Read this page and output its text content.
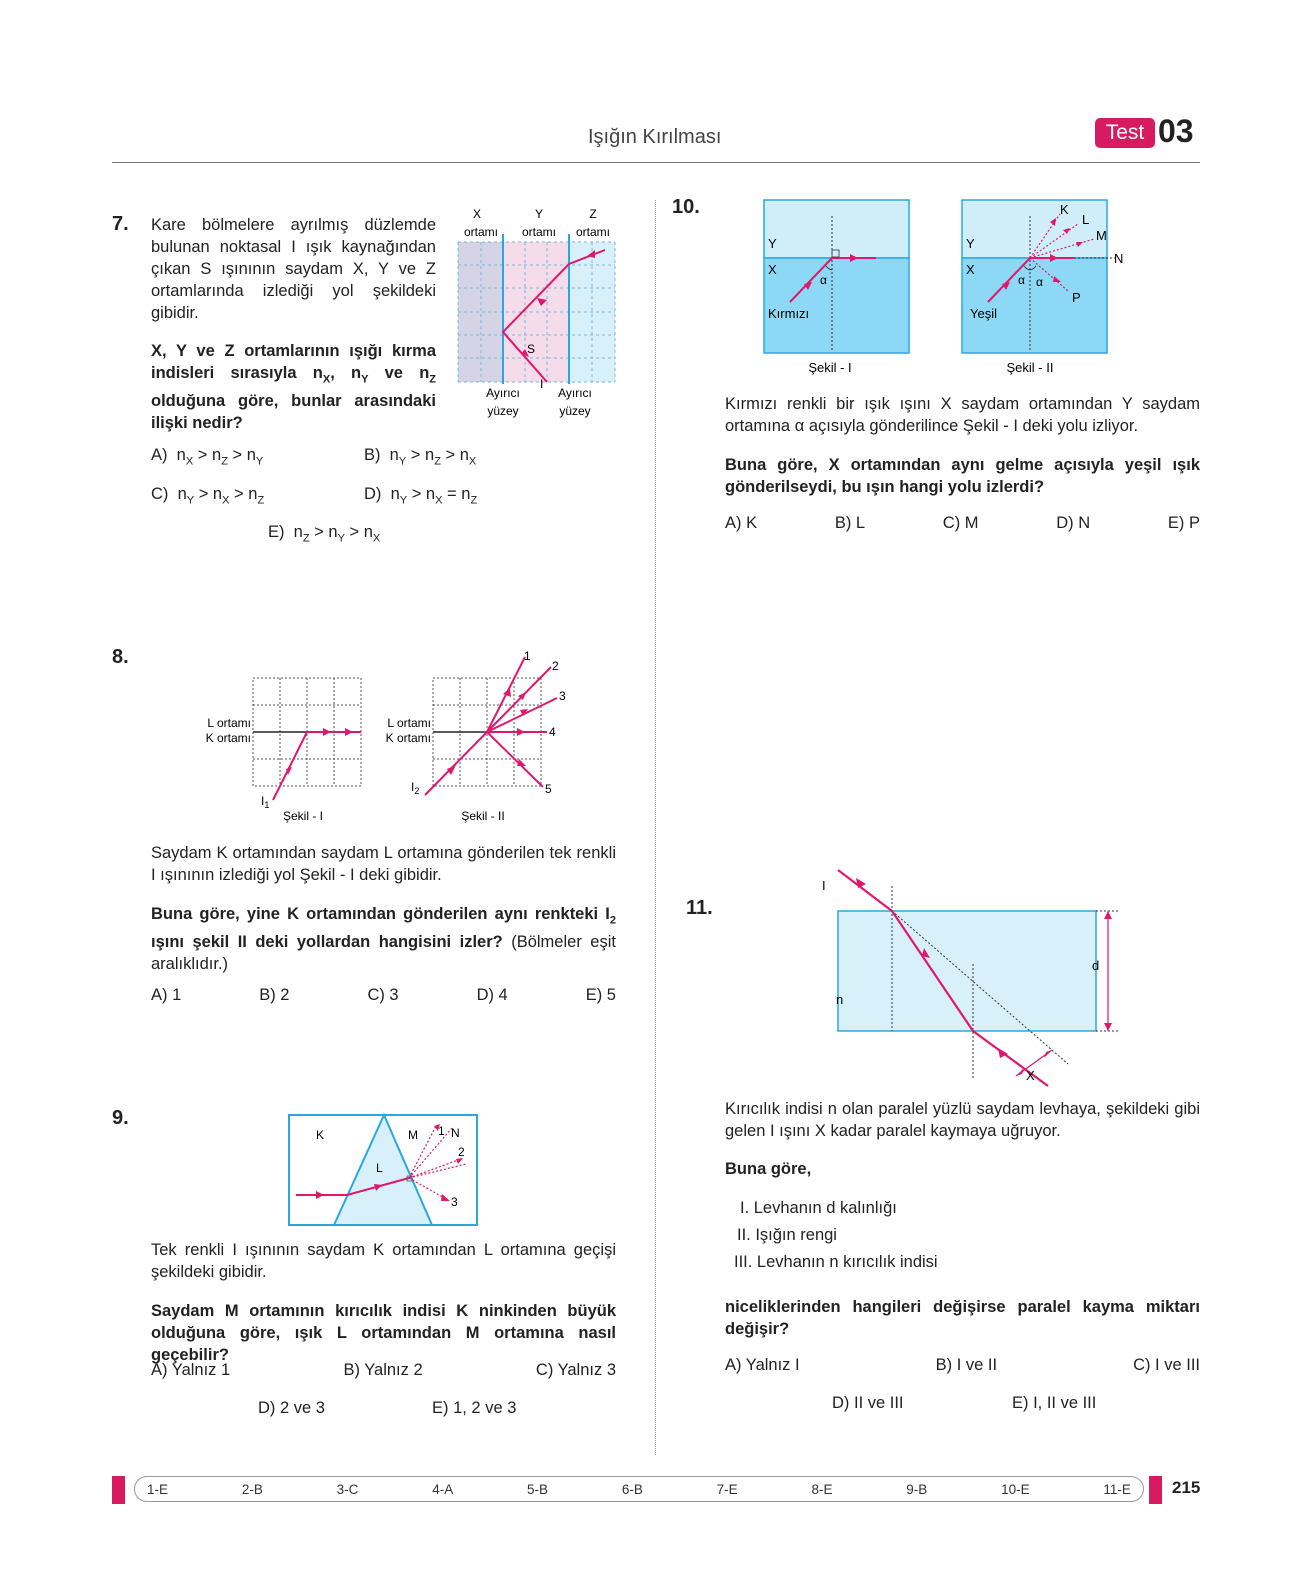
Işığın Kırılması	Test 03
7. Kare bölmelere ayrılmış düzlemde bulunan noktasal I ışık kaynağından çıkan S ışınının saydam X, Y ve Z ortamlarında izlediği yol şekildeki gibidir.
X, Y ve Z ortamlarının ışığı kırma indisleri sırasıyla $n_X$, $n_Y$ ve $n_Z$ olduğuna göre, bunlar arasındaki ilişki nedir?
X
ortamı
Y
ortamı
Z
ortamı
S
I
Ayırıcı
yüzey
Ayırıcı
yüzey
A) $n_X > n_Z > n_Y$	B) $n_Y > n_Z > n_X$
C) $n_Y > n_X > n_Z$	D) $n_Y > n_X = n_Z$
E) $n_Z > n_Y > n_X$
8.
L ortamı
K ortamı
$I_1$
Şekil - I
L ortamı
K ortamı
$I_2$
1
2
3
4
5
Şekil - II
Saydam K ortamından saydam L ortamına gönderilen tek renkli I ışınının izlediği yol Şekil - I deki gibidir.
Buna göre, yine K ortamından gönderilen aynı renkteki $I_2$ ışını şekil II deki yollardan hangisini izler? (Bölmeler eşit aralıklıdır.)
A) 1	B) 2	C) 3	D) 4	E) 5
9.
K
L
M 1 N
2
3
Tek renkli I ışınının saydam K ortamından L ortamına geçişi şekildeki gibidir.
Saydam M ortamının kırıcılık indisi K ninkinden büyük olduğuna göre, ışık L ortamından M ortamına nasıl geçebilir?
A) Yalnız 1	B) Yalnız 2	C) Yalnız 3
D) 2 ve 3	E) 1, 2 ve 3
10.
Y
X
α
Kırmızı
Şekil - I
Y
X
α α
Yeşil
K
L
M
N
P
Şekil - II
Kırmızı renkli bir ışık ışını X saydam ortamından Y saydam ortamına α açısıyla gönderilince Şekil - I deki yolu izliyor.
Buna göre, X ortamından aynı gelme açısıyla yeşil ışık gönderilseydi, bu ışın hangi yolu izlerdi?
A) K	B) L	C) M	D) N	E) P
11.
I
n
d
X
Kırıcılık indisi n olan paralel yüzlü saydam levhaya, şekildeki gibi gelen I ışını X kadar paralel kaymaya uğruyor.
Buna göre,
I. Levhanın d kalınlığı
II. Işığın rengi
III. Levhanın n kırıcılık indisi
niceliklerinden hangileri değişirse paralel kayma miktarı değişir?
A) Yalnız I	B) I ve II	C) I ve III
D) II ve III	E) I, II ve III
1-E	2-B	3-C	4-A	5-B	6-B	7-E	8-E	9-B	10-E	11-E 215
